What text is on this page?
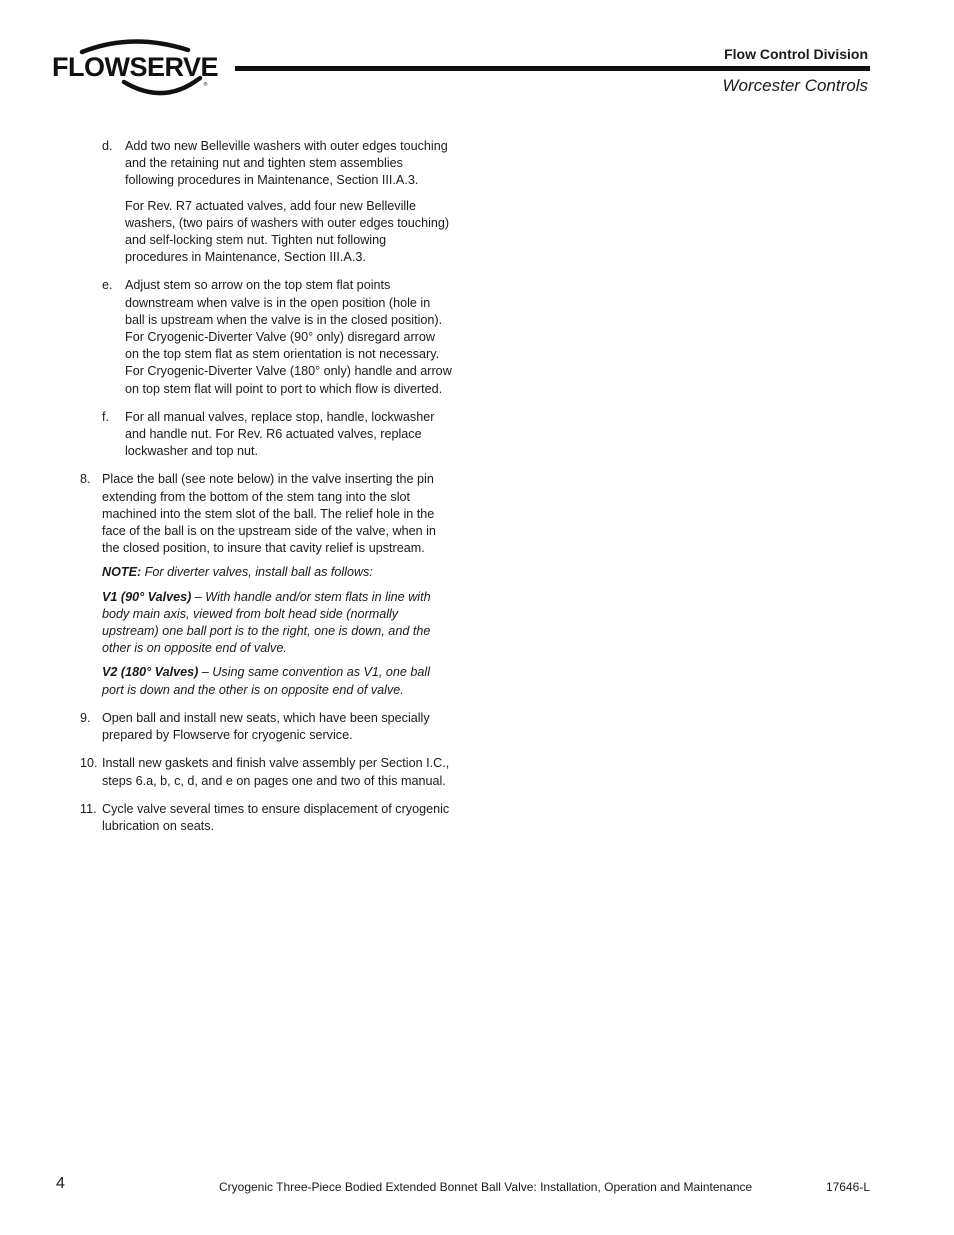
®
FLOWSERVE	Flow Control Division
Worcester Controls
d. Add two new Belleville washers with outer edges touching and the retaining nut and tighten stem assemblies following procedures in Maintenance, Section III.A.3.

For Rev. R7 actuated valves, add four new Belleville washers, (two pairs of washers with outer edges touching) and self-locking stem nut. Tighten nut following procedures in Maintenance, Section III.A.3.

e. Adjust stem so arrow on the top stem flat points downstream when valve is in the open position (hole in ball is upstream when the valve is in the closed position). For Cryogenic-Diverter Valve (90° only) disregard arrow on the top stem flat as stem orientation is not necessary. For Cryogenic-Diverter Valve (180° only) handle and arrow on top stem flat will point to port to which flow is diverted.

f. For all manual valves, replace stop, handle, lockwasher and handle nut. For Rev. R6 actuated valves, replace lockwasher and top nut.

8. Place the ball (see note below) in the valve inserting the pin extending from the bottom of the stem tang into the slot machined into the stem slot of the ball. The relief hole in the face of the ball is on the upstream side of the valve, when in the closed position, to insure that cavity relief is upstream.

NOTE: For diverter valves, install ball as follows:

V1 (90° Valves) – With handle and/or stem flats in line with body main axis, viewed from bolt head side (normally upstream) one ball port is to the right, one is down, and the other is on opposite end of valve.

V2 (180° Valves) – Using same convention as V1, one ball port is down and the other is on opposite end of valve.

9. Open ball and install new seats, which have been specially prepared by Flowserve for cryogenic service.

10. Install new gaskets and finish valve assembly per Section I.C., steps 6.a, b, c, d, and e on pages one and two of this manual.

11. Cycle valve several times to ensure displacement of cryogenic lubrication on seats.

4	Cryogenic Three-Piece Bodied Extended Bonnet Ball Valve: Installation, Operation and Maintenance	17646-L
